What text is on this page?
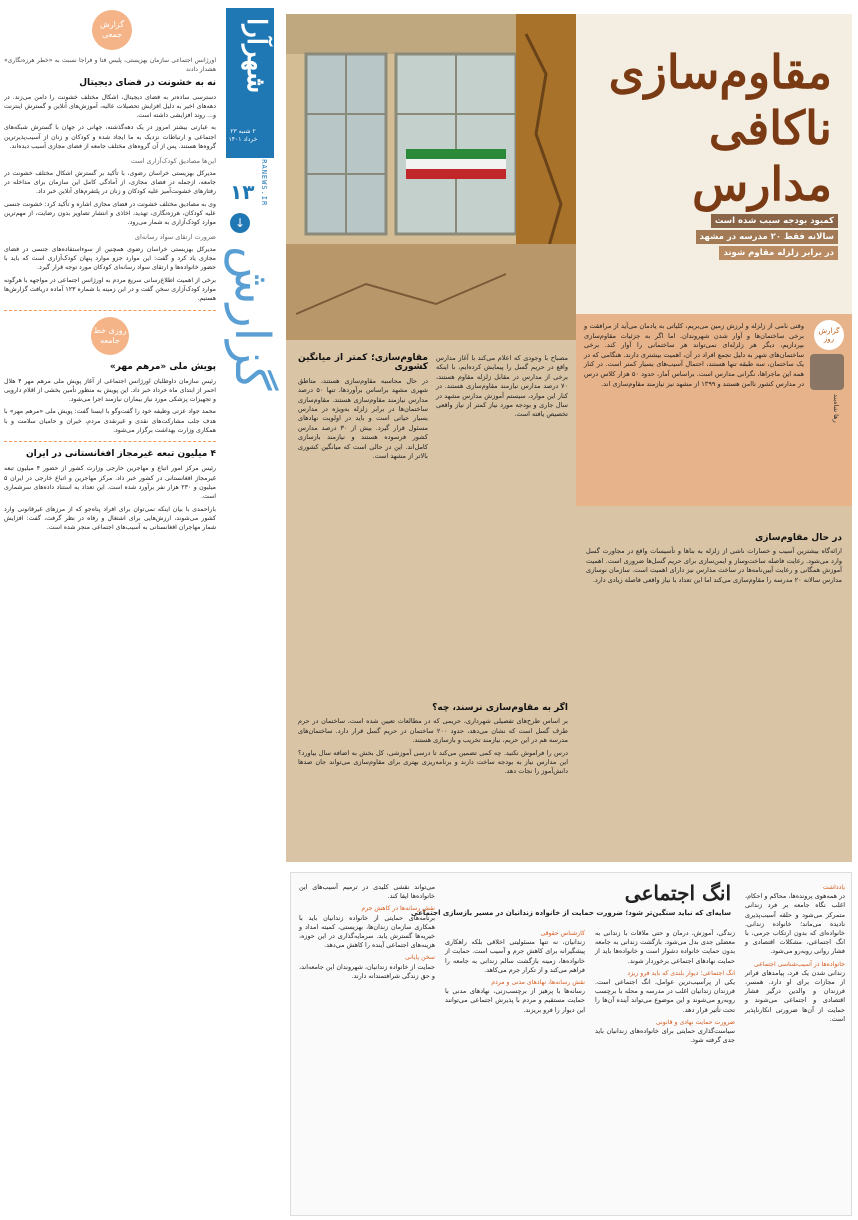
گزارش جمعی
اورژانس اجتماعی سازمان بهزیستی، پلیس فتا و فراجا نسبت به «خطر هرزه‌نگاری» هشدار دادند
نه به خشونت در فضای دیجیتال

دسترسی ساده‌تر به فضای دیجیتال، اشکال مختلف خشونت را دامن می‌زند. در دهه‌های اخیر به دلیل افزایش تحصیلات عالیه، آموزش‌های آنلاین و گسترش اینترنت و... روند افزایشی داشته است.

به عبارتی بیشتر امروز در یک دهه‌گذشته، جهانی در جهان با گسترش شبکه‌های اجتماعی و ارتباطات نزدیک به ما ایجاد شده و کودکان و زنان از آسیب‌پذیرترین گروه‌ها هستند. پس از آن گروه‌های مختلف جامعه از فضای مجازی آسیب دیده‌اند.

این‌ها مصادیق کودک‌آزاری است

مدیرکل بهزیستی خراسان رضوی، با تأکید بر گسترش اشکال مختلف خشونت در جامعه، ازجمله در فضای مجازی، از آمادگی کامل این سازمان برای مداخله در رفتارهای خشونت‌آمیز علیه کودکان و زنان در پلتفرم‌های آنلاین خبر داد.

وی به مصادیق مختلف خشونت در فضای مجازی اشاره و تأکید کرد: خشونت جنسی علیه کودکان، هرزه‌نگاری، تهدید، اخاذی و انتشار تصاویر بدون رضایت، از مهم‌ترین موارد کودک‌آزاری به شمار می‌رود.

ضرورت ارتقای سواد رسانه‌ای

مدیرکل بهزیستی خراسان رضوی همچنین از سوء‌استفاده‌های جنسی در فضای مجازی یاد کرد و گفت: این موارد جزو موارد پنهان کودک‌آزاری است که باید با حضور خانواده‌ها و ارتقای سواد رسانه‌ای کودکان مورد توجه قرار گیرد.

برخی از اهمیت اطلاع‌رسانی سریع مردم به اورژانس اجتماعی در مواجهه با هرگونه موارد کودک‌آزاری سخن گفت و در این زمینه با شماره ۱۲۳ آماده دریافت گزارش‌ها هستیم.

روزی خط جامعه
پویش ملی «مرهم مهر»

رئیس سازمان داوطلبان اورژانس اجتماعی از آغاز پویش ملی مرهم مهر ۴ هلال احمر از ابتدای ماه خرداد خبر داد. این پویش به منظور تأمین بخشی از اقلام دارویی و تجهیزات پزشکی مورد نیاز بیماران نیازمند اجرا می‌شود.

محمد جواد عزتی وظیفه خود را گفت‌وگو با ایسنا گفت: پویش ملی «مرهم مهر» با هدف جلب مشارکت‌های نقدی و غیرنقدی مردم، خیران و حامیان سلامت و با همکاری وزارت بهداشت برگزار می‌شود.

۴ میلیون تبعه غیرمجاز افغانستانی در ایران

رئیس مرکز امور اتباع و مهاجرین خارجی وزارت کشور از حضور ۴ میلیون تبعه غیرمجاز افغانستانی در کشور خبر داد. مرکز مهاجرین و اتباع خارجی در ایران ۵ میلیون و ۲۳۰ هزار نفر برآورد شده است. این تعداد به استناد داده‌های سرشماری است.

باراحمدی با بیان اینکه نمی‌توان برای افراد پناه‌جو که از مرزهای غیرقانونی وارد کشور می‌شوند، ارزش‌هایی برای اشتغال و رفاه در نظر گرفت، گفت: افزایش شمار مهاجران افغانستانی به آسیب‌های اجتماعی منجر شده است.

شهرآرا
۲ شنبه ۲۳ خرداد ۱۴۰۱ SHAHRARANEWS.IR
۱۳
↓
گزارش
مقاوم‌سازی
ناکافی
مدارس
کمبود بودجه سبب شده است
سالانه فقط ۲۰ مدرسه در مشهد
در برابر زلزله مقاوم شوند
گزارش روز
رها شاه‌بند
وقتی نامی از زلزله و لرزش زمین می‌بریم، کلیاتی به یادمان می‌آید از مرافقت و برخی ساختمان‌ها و آوار شدن شهروندان. اما اگر به جزئیات مقاوم‌سازی بپردازیم، دیگر هر زلزله‌ای نمی‌تواند هر ساختمانی را آوار کند. برخی ساختمان‌های شهر به دلیل تجمع افراد در آن، اهمیت بیشتری دارند. هنگامی که در یک ساختمان، سه طبقه تنها هستند، احتمال آسیب‌های بسیار کمتر است. در کنار همه این ماجراها، نگرانی مدارس است. براساس آمار، حدود ۵۰ هزار کلاس درس در مدارس کشور ناامن هستند و ۱۳۹۹ از مشهد نیز نیازمند مقاوم‌سازی اند.
مقاوم‌سازی؛ کمتر از میانگین کشوری

در حال محاسبه مقاوم‌سازی هستند، متاطق شهری مشهد براساس برآورد‌ها، تنها ۵۰ درصد مدارس نیازمند مقاوم‌سازی هستند. مقاوم‌سازی ساختمان‌ها در برابر زلزله به‌ویژه در مدارس بسیار حیاتی است و باید در اولویت نهادهای مسئول قرار گیرد. بیش از ۳۰ درصد مدارس کشور فرسوده هستند و نیازمند بازسازی کامل‌اند. این در حالی است که میانگین کشوری بالاتر از مشهد است.

مصباح با وجودی که اعلام می‌کند با آغاز مدارس واقع در حریم گسل را پیمایش کرده‌ایم، با اینکه برخی از مدارس در مقابل زلزله مقاوم هستند، ۷۰ درصد مدارس نیازمند مقاوم‌سازی هستند. در کنار این موارد، سیستم آموزش مدارس مشهد در سال جاری و بودجه مورد نیاز کمتر از نیاز واقعی تخصیص یافته است.

اگر به مقاوم‌سازی نرسند، چه؟

بر اساس طرح‌های تفصیلی شهرداری، حریمی که در مطالعات تعیین شده است، ساختمان در حرم طرف گسل است که نشان می‌دهد، حدود ۲۰۰ ساختمان در حریم گسل قرار دارد. ساختمان‌های مدرسه هم در این حریم، نیازمند تخریب و بازسازی هستند.

درس را فراموش نکنید. چه کمی تضمین می‌کند تا درسی آموزشی، کل بخش به اضافه سال بیاورد؟ این مدارس نیاز به بودجه ساخت دارند و برنامه‌ریزی بهتری برای مقاوم‌سازی می‌تواند جان صدها دانش‌آموز را نجات دهد.

در حال مقاوم‌سازی

ارائه‌گاه بیشترین آسیب و خسارات ناشی از زلزله به بناها و تأسیسات واقع در مجاورت گسل وارد می‌شود. رعایت فاصله ساخت‌وساز و ایمن‌سازی برای حریم گسل‌ها ضروری است. اهمیت آموزش همگانی و رعایت آیین‌نامه‌ها در ساخت مدارس نیز دارای اهمیت است. سازمان نوسازی مدارس سالانه ۲۰ مدرسه را مقاوم‌سازی می‌کند اما این تعداد با نیاز واقعی فاصله زیادی دارد.

انگ اجتماعی
سایه‌ای که نباید سنگین‌تر شود؛ ضرورت حمایت از خانواده زندانیان در مسیر بازسازی اجتماعی
یادداشت

در همه‌هوی پرونده‌ها، محاکم و احکام، اغلب نگاه جامعه بر فرد زندانی متمرکز می‌شود و حلقه آسیب‌پذیری نادیده می‌ماند؛ خانواده زندانی. خانواده‌ای که بدون ارتکاب جرمی، با انگ اجتماعی، مشکلات اقتصادی و فشار روانی روبه‌رو می‌شود.

خانواده‌ها در آسیب‌شناسی اجتماعی

زندانی شدن یک فرد، پیامدهای فراتر از مجازات برای او دارد. همسر، فرزندان و والدین درگیر فشار اقتصادی و اجتماعی می‌شوند و حمایت از آن‌ها ضرورتی انکارناپذیر است.

زندگی، آموزش، درمان و حتی ملاقات با زندانی به معضلی جدی بدل می‌شود. بازگشت زندانی به جامعه بدون حمایت خانواده دشوار است و خانواده‌ها باید از حمایت نهادهای اجتماعی برخوردار شوند.

انگ اجتماعی؛ دیوار بلندی که باید فرو ریزد

یکی از پرآسیب‌ترین عوامل، انگ اجتماعی است. فرزندان زندانیان اغلب در مدرسه و محله با برچسب روبه‌رو می‌شوند و این موضوع می‌تواند آینده آن‌ها را تحت تأثیر قرار دهد.

ضرورت حمایت نهادی و قانونی

سیاست‌گذاری حمایتی برای خانواده‌های زندانیان باید جدی گرفته شود.

کارشناس حقوقی

زندانیان، نه تنها مسئولیتی اخلاقی بلکه راهکاری پیشگیرانه برای کاهش جرم و آسیب است. حمایت از خانواده‌ها، زمینه بازگشت سالم زندانی به جامعه را فراهم می‌کند و از تکرار جرم می‌کاهد.

نقش رسانه‌ها، نهادهای مدنی و مردم

رسانه‌ها با پرهیز از برچسب‌زنی، نهادهای مدنی با حمایت مستقیم و مردم با پذیرش اجتماعی می‌توانند این دیوار را فرو بریزند.

می‌تواند نقشی کلیدی در ترمیم آسیب‌های این خانواده‌ها ایفا کند.

نقش رسانه‌ها در کاهش جرم

برنامه‌های حمایتی از خانواده زندانیان باید با همکاری سازمان زندان‌ها، بهزیستی، کمیته امداد و خیریه‌ها گسترش یابد. سرمایه‌گذاری در این حوزه، هزینه‌های اجتماعی آینده را کاهش می‌دهد.

سخن پایانی

حمایت از خانواده زندانیان، شهروندان این جامعه‌اند، و حق زندگی شرافتمندانه دارند.
